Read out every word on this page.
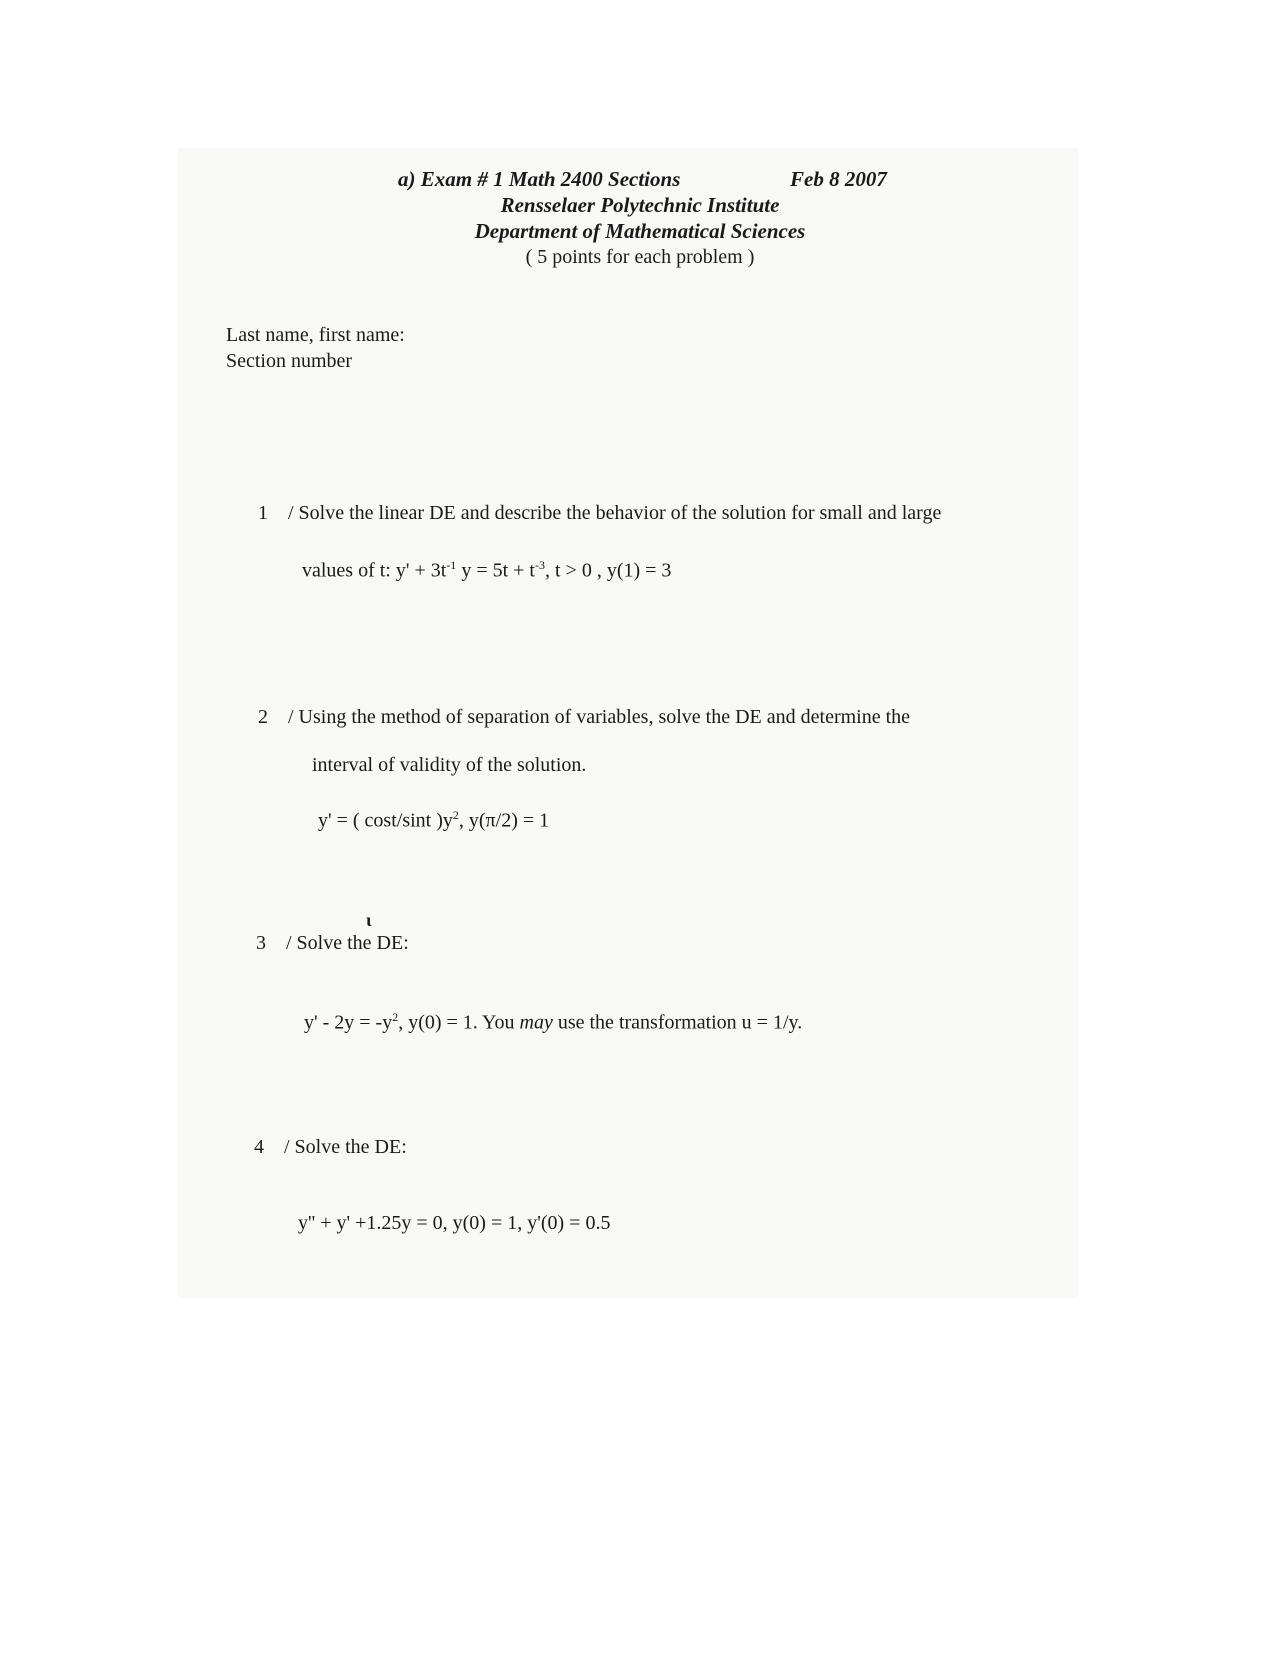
a) Exam # 1 Math 2400 Sections	Feb 8 2007
Rensselaer Polytechnic Institute
Department of Mathematical Sciences
( 5 points for each problem )
Last name, first name:
Section number
1 / Solve the linear DE and describe the behavior of the solution for small and large
values of t: $y' + 3t^{-1}$ $y = 5t + t^{-3}$, t > 0 , y(1) = 3
2 / Using the method of separation of variables, solve the DE and determine the
interval of validity of the solution.
y' = ( cost/sint )$y^2$, y(π/2) = 1
ɩ
3 / Solve the DE:
$y' - 2y = -y^2$, y(0) = 1. You may use the transformation u = 1/y.
4 / Solve the DE:
y'' + y' +1.25y = 0, y(0) = 1, y'(0) = 0.5
